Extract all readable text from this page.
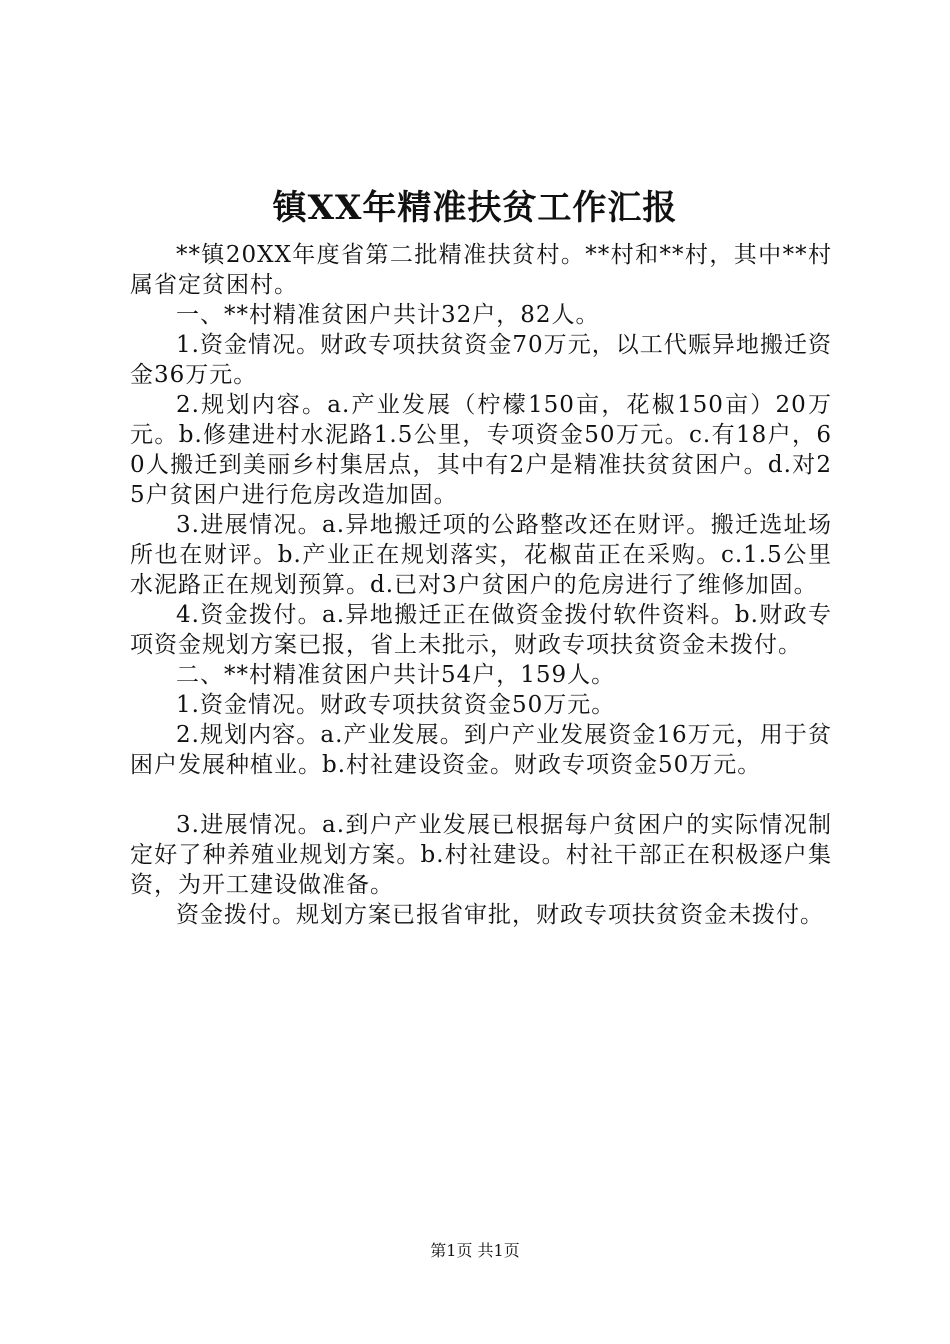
镇XX年精准扶贫工作汇报

**镇20XX年度省第二批精准扶贫村。**村和**村，其中**村属省定贫困村。

一、**村精准贫困户共计32户，82人。

1.资金情况。财政专项扶贫资金70万元，以工代赈异地搬迁资金36万元。

2.规划内容。a.产业发展（柠檬150亩，花椒150亩）20万元。b.修建进村水泥路1.5公里，专项资金50万元。c.有18户，60人搬迁到美丽乡村集居点，其中有2户是精准扶贫贫困户。d.对25户贫困户进行危房改造加固。

3.进展情况。a.异地搬迁项的公路整改还在财评。搬迁选址场所也在财评。b.产业正在规划落实，花椒苗正在采购。c.1.5公里水泥路正在规划预算。d.已对3户贫困户的危房进行了维修加固。

4.资金拨付。a.异地搬迁正在做资金拨付软件资料。b.财政专项资金规划方案已报，省上未批示，财政专项扶贫资金未拨付。

二、**村精准贫困户共计54户，159人。

1.资金情况。财政专项扶贫资金50万元。

2.规划内容。a.产业发展。到户产业发展资金16万元，用于贫困户发展种植业。b.村社建设资金。财政专项资金50万元。

3.进展情况。a.到户产业发展已根据每户贫困户的实际情况制定好了种养殖业规划方案。b.村社建设。村社干部正在积极逐户集资，为开工建设做准备。

资金拨付。规划方案已报省审批，财政专项扶贫资金未拨付。

第1页 共1页
